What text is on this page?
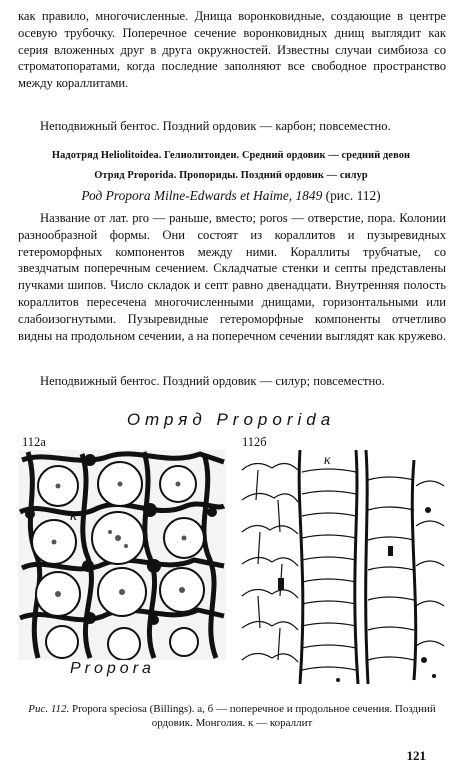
как правило, многочисленные. Днища воронковидные, создающие в центре осевую трубочку. Поперечное сечение воронковидных днищ выглядит как серия вложенных друг в друга окружностей. Известны случаи симбиоза со строматопоратами, когда последние заполняют все свободное пространство между кораллитами.

Неподвижный бентос. Поздний ордовик — карбон; повсеместно.

Надотряд Heliolitoidea. Гелиолитоидеи. Средний ордовик — средний девон

Отряд Proporida. Пропориды. Поздний ордовик — силур

Род Propora Milne-Edwards et Haime, 1849 (рис. 112)

Название от лат. pro — раньше, вместо; poros — отверстие, пора. Колонии разнообразной формы. Они состоят из кораллитов и пузыревидных гетероморфных компонентов между ними. Кораллиты трубчатые, со звездчатым поперечным сечением. Складчатые стенки и септы представлены пучками шипов. Число складок и септ равно двенадцати. Внутренняя полость кораллитов пересечена многочисленными днищами, горизонтальными или слабоизогнутыми. Пузыревидные гетероморфные компоненты отчетливо видны на продольном сечении, а на поперечном сечении выглядят как кружево.

Неподвижный бентос. Поздний ордовик — силур; повсеместно.

Отряд Proporida

112а
к
112б
к
Propora

Рис. 112. Propora speciosa (Billings). а, б — поперечное и продольное сечения. Поздний ордовик. Монголия. к — кораллит

121
